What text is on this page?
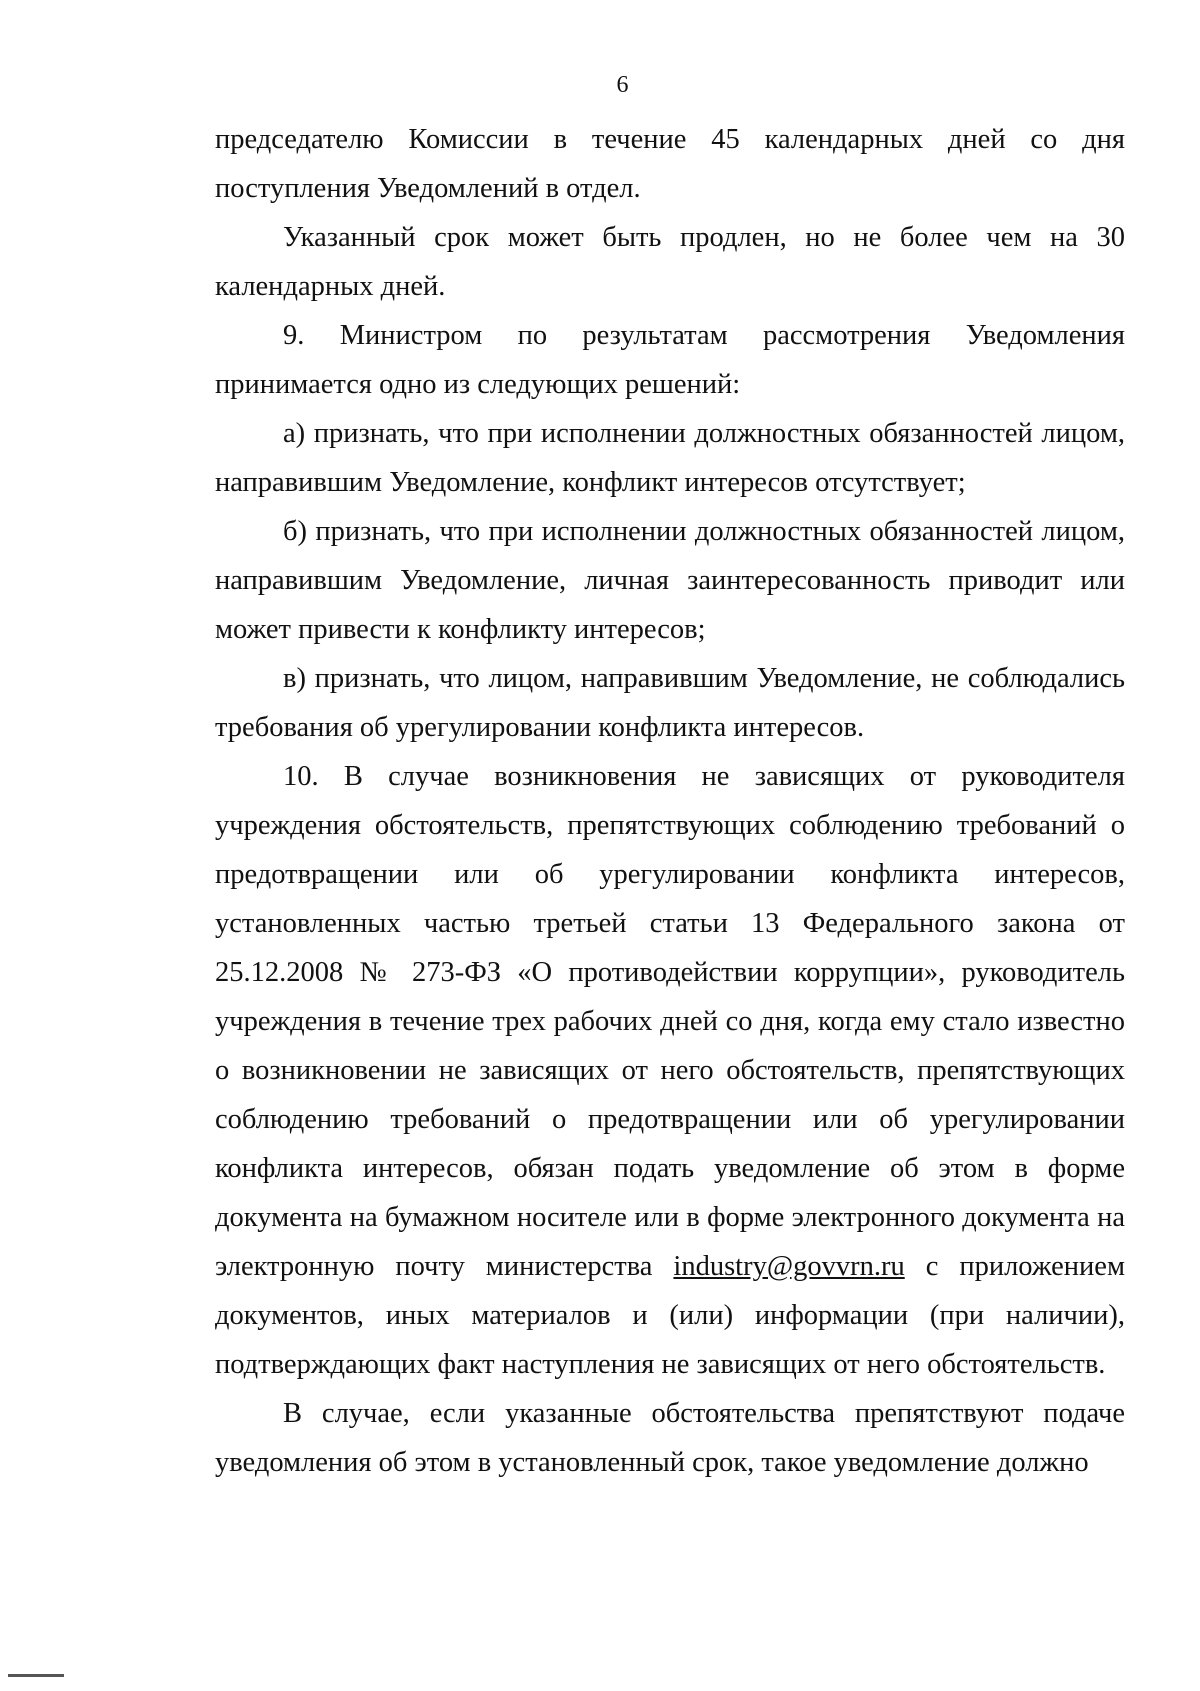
6

председателю Комиссии в течение 45 календарных дней со дня поступления Уведомлений в отдел.

Указанный срок может быть продлен, но не более чем на 30 календарных дней.

9. Министром по результатам рассмотрения Уведомления принимается одно из следующих решений:

а) признать, что при исполнении должностных обязанностей лицом, направившим Уведомление, конфликт интересов отсутствует;

б) признать, что при исполнении должностных обязанностей лицом, направившим Уведомление, личная заинтересованность приводит или может привести к конфликту интересов;

в) признать, что лицом, направившим Уведомление, не соблюдались требования об урегулировании конфликта интересов.

10. В случае возникновения не зависящих от руководителя учреждения обстоятельств, препятствующих соблюдению требований о предотвращении или об урегулировании конфликта интересов, установленных частью третьей статьи 13 Федерального закона от 25.12.2008 № 273-ФЗ «О противодействии коррупции», руководитель учреждения в течение трех рабочих дней со дня, когда ему стало известно о возникновении не зависящих от него обстоятельств, препятствующих соблюдению требований о предотвращении или об урегулировании конфликта интересов, обязан подать уведомление об этом в форме документа на бумажном носителе или в форме электронного документа на электронную почту министерства industry@govvrn.ru с приложением документов, иных материалов и (или) информации (при наличии), подтверждающих факт наступления не зависящих от него обстоятельств.

В случае, если указанные обстоятельства препятствуют подаче уведомления об этом в установленный срок, такое уведомление должно
